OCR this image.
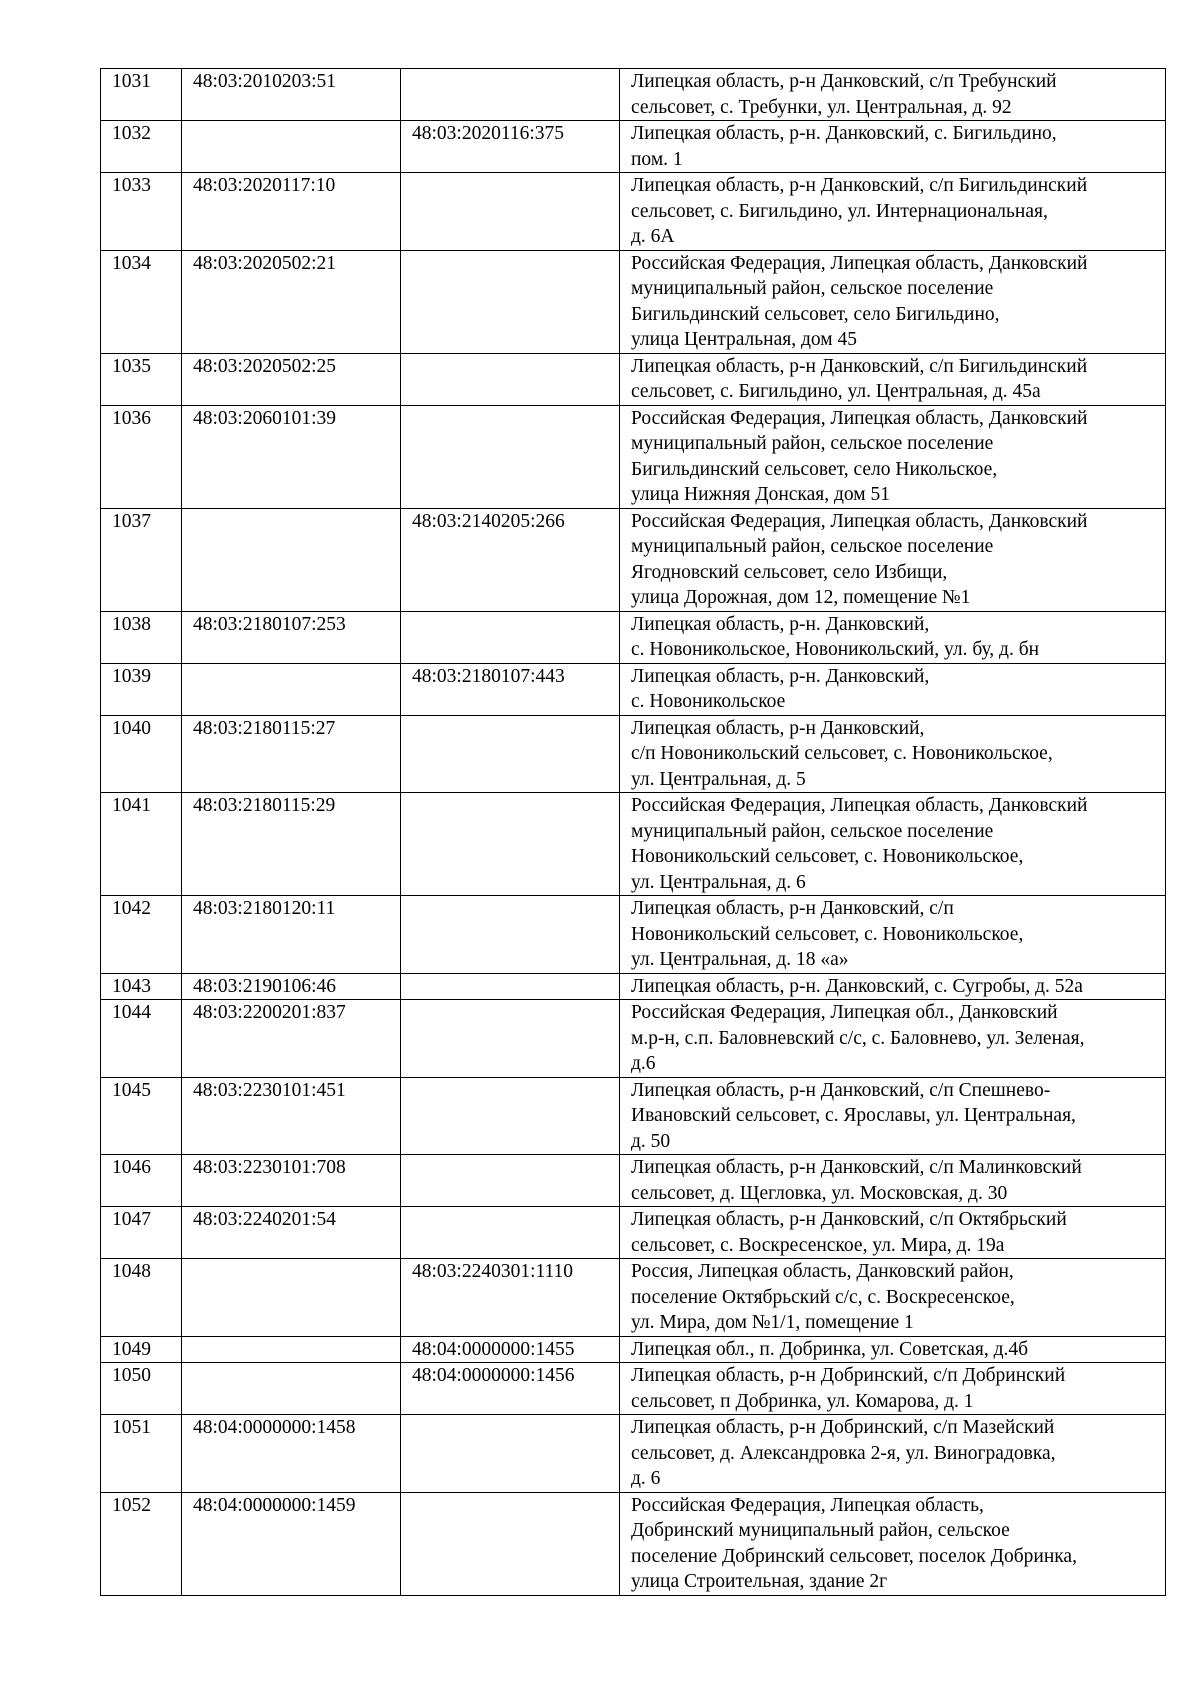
1031	48:03:2010203:51		Липецкая область, р-н Данковский, с/п Требунский
сельсовет, с. Требунки, ул. Центральная, д. 92
1032		48:03:2020116:375	Липецкая область, р-н. Данковский, с. Бигильдино,
пом. 1
1033	48:03:2020117:10		Липецкая область, р-н Данковский, с/п Бигильдинский
сельсовет, с. Бигильдино, ул. Интернациональная,
д. 6А
1034	48:03:2020502:21		Российская Федерация, Липецкая область, Данковский
муниципальный район, сельское поселение
Бигильдинский сельсовет, село Бигильдино,
улица Центральная, дом 45
1035	48:03:2020502:25		Липецкая область, р-н Данковский, с/п Бигильдинский
сельсовет, с. Бигильдино, ул. Центральная, д. 45а
1036	48:03:2060101:39		Российская Федерация, Липецкая область, Данковский
муниципальный район, сельское поселение
Бигильдинский сельсовет, село Никольское,
улица Нижняя Донская, дом 51
1037		48:03:2140205:266	Российская Федерация, Липецкая область, Данковский
муниципальный район, сельское поселение
Ягодновский сельсовет, село Избищи,
улица Дорожная, дом 12, помещение №1
1038	48:03:2180107:253		Липецкая область, р-н. Данковский,
с. Новоникольское, Новоникольский, ул. бу, д. бн
1039		48:03:2180107:443	Липецкая область, р-н. Данковский,
с. Новоникольское
1040	48:03:2180115:27		Липецкая область, р-н Данковский,
с/п Новоникольский сельсовет, с. Новоникольское,
ул. Центральная, д. 5
1041	48:03:2180115:29		Российская Федерация, Липецкая область, Данковский
муниципальный район, сельское поселение
Новоникольский сельсовет, с. Новоникольское,
ул. Центральная, д. 6
1042	48:03:2180120:11		Липецкая область, р-н Данковский, с/п
Новоникольский сельсовет, с. Новоникольское,
ул. Центральная, д. 18 «а»
1043	48:03:2190106:46		Липецкая область, р-н. Данковский, с. Сугробы, д. 52а
1044	48:03:2200201:837		Российская Федерация, Липецкая обл., Данковский
м.р-н, с.п. Баловневский с/с, с. Баловнево, ул. Зеленая,
д.6
1045	48:03:2230101:451		Липецкая область, р-н Данковский, с/п Спешнево-
Ивановский сельсовет, с. Ярославы, ул. Центральная,
д. 50
1046	48:03:2230101:708		Липецкая область, р-н Данковский, с/п Малинковский
сельсовет, д. Щегловка, ул. Московская, д. 30
1047	48:03:2240201:54		Липецкая область, р-н Данковский, с/п Октябрьский
сельсовет, с. Воскресенское, ул. Мира, д. 19а
1048		48:03:2240301:1110	Россия, Липецкая область, Данковский район,
поселение Октябрьский с/с, с. Воскресенское,
ул. Мира, дом №1/1, помещение 1
1049		48:04:0000000:1455	Липецкая обл., п. Добринка, ул. Советская, д.4б
1050		48:04:0000000:1456	Липецкая область, р-н Добринский, с/п Добринский
сельсовет, п Добринка, ул. Комарова, д. 1
1051	48:04:0000000:1458		Липецкая область, р-н Добринский, с/п Мазейский
сельсовет, д. Александровка 2-я, ул. Виноградовка,
д. 6
1052	48:04:0000000:1459		Российская Федерация, Липецкая область,
Добринский муниципальный район, сельское
поселение Добринский сельсовет, поселок Добринка,
улица Строительная, здание 2г
